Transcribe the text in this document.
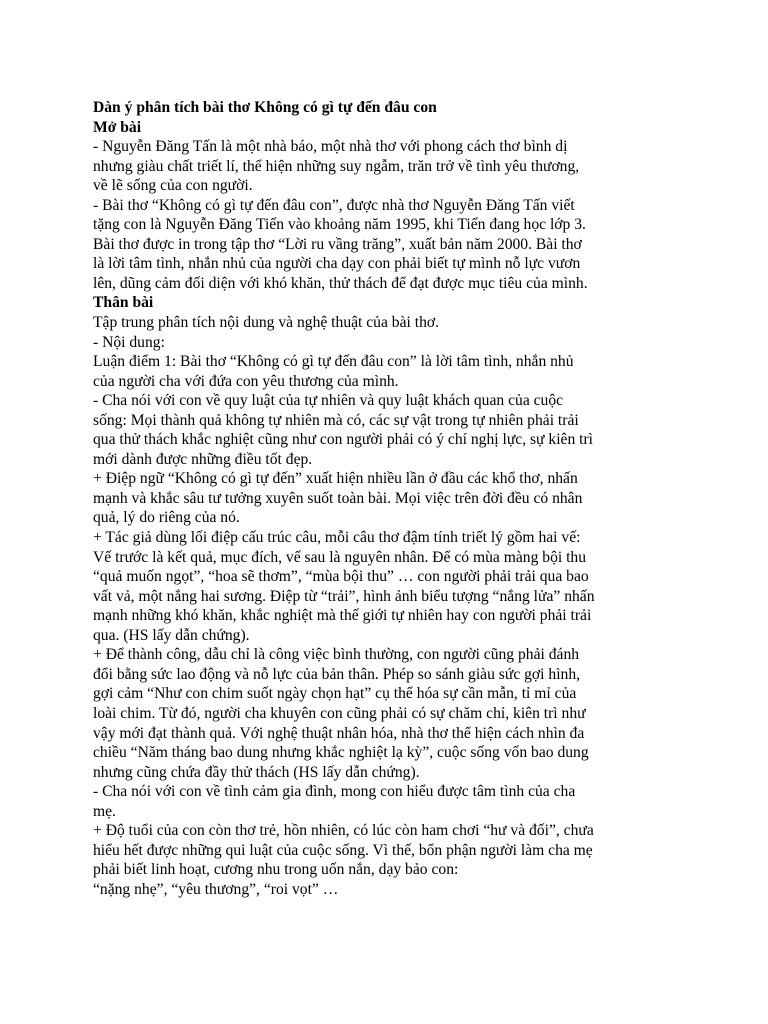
Dàn ý phân tích bài thơ Không có gì tự đến đâu con

Mở bài

- Nguyễn Đăng Tấn là một nhà báo, một nhà thơ với phong cách thơ bình dị

nhưng giàu chất triết lí, thể hiện những suy ngẫm, trăn trở về tình yêu thương,

về lẽ sống của con người.

- Bài thơ “Không có gì tự đến đâu con”, được nhà thơ Nguyễn Đăng Tấn viết

tặng con là Nguyễn Đăng Tiến vào khoảng năm 1995, khi Tiến đang học lớp 3.

Bài thơ được in trong tập thơ “Lời ru vầng trăng”, xuất bản năm 2000. Bài thơ

là lời tâm tình, nhắn nhủ của người cha dạy con phải biết tự mình nỗ lực vươn

lên, dũng cảm đối diện với khó khăn, thử thách để đạt được mục tiêu của mình.

Thân bài

Tập trung phân tích nội dung và nghệ thuật của bài thơ.

- Nội dung:

Luận điểm 1: Bài thơ “Không có gì tự đến đâu con” là lời tâm tình, nhắn nhủ

của người cha với đứa con yêu thương của mình.

- Cha nói với con về quy luật của tự nhiên và quy luật khách quan của cuộc

sống: Mọi thành quả không tự nhiên mà có, các sự vật trong tự nhiên phải trải

qua thử thách khắc nghiệt cũng như con người phải có ý chí nghị lực, sự kiên trì

mới dành được những điều tốt đẹp.

+ Điệp ngữ “Không có gì tự đến” xuất hiện nhiều lần ở đầu các khổ thơ, nhấn

mạnh và khắc sâu tư tưởng xuyên suốt toàn bài. Mọi việc trên đời đều có nhân

quả, lý do riêng của nó.

+ Tác giả dùng lối điệp cấu trúc câu, mỗi câu thơ đậm tính triết lý gồm hai vế:

Vế trước là kết quả, mục đích, vế sau là nguyên nhân. Để có mùa màng bội thu

“quả muốn ngọt”, “hoa sẽ thơm”, “mùa bội thu” … con người phải trải qua bao

vất vả, một nắng hai sương. Điệp từ “trải”, hình ảnh biểu tượng “nắng lửa” nhấn

mạnh những khó khăn, khắc nghiệt mà thế giới tự nhiên hay con người phải trải

qua. (HS lấy dẫn chứng).

+ Để thành công, dẫu chỉ là công việc bình thường, con người cũng phải đánh

đổi bằng sức lao động và nỗ lực của bản thân. Phép so sánh giàu sức gợi hình,

gợi cảm “Như con chim suốt ngày chọn hạt” cụ thể hóa sự cần mẫn, tỉ mỉ của

loài chim. Từ đó, người cha khuyên con cũng phải có sự chăm chỉ, kiên trì như

vậy mới đạt thành quả. Với nghệ thuật nhân hóa, nhà thơ thể hiện cách nhìn đa

chiều “Năm tháng bao dung nhưng khắc nghiệt lạ kỳ”, cuộc sống vốn bao dung

nhưng cũng chứa đầy thử thách (HS lấy dẫn chứng).

- Cha nói với con về tình cảm gia đình, mong con hiểu được tâm tình của cha

mẹ.

+ Độ tuổi của con còn thơ trẻ, hồn nhiên, có lúc còn ham chơi “hư và đối”, chưa

hiểu hết được những qui luật của cuộc sống. Vì thế, bổn phận người làm cha mẹ

phải biết linh hoạt, cương nhu trong uốn nắn, dạy bảo con:

“nặng nhẹ”, “yêu thương”, “roi vọt” …
